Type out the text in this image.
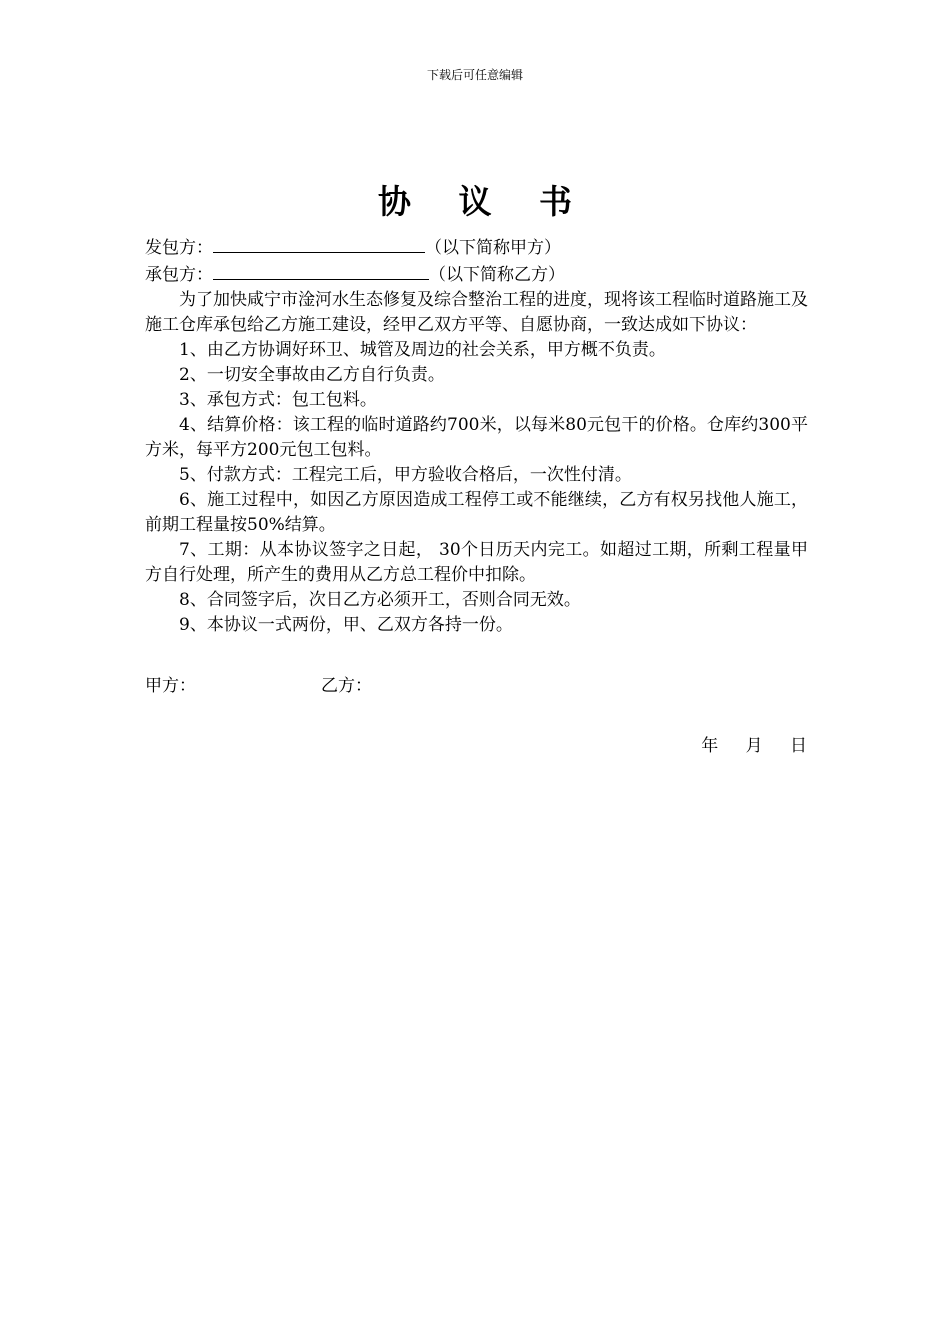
下载后可任意编辑
协 议 书
发包方：	（以下简称甲方）
承包方：	（以下简称乙方）
为了加快咸宁市淦河水生态修复及综合整治工程的进度，现将该工程临时道路施工及施工仓库承包给乙方施工建设，经甲乙双方平等、自愿协商，一致达成如下协议：
1、由乙方协调好环卫、城管及周边的社会关系，甲方概不负责。
2、一切安全事故由乙方自行负责。
3、承包方式：包工包料。
4、结算价格：该工程的临时道路约700米，以每米80元包干的价格。仓库约300平方米，每平方200元包工包料。
5、付款方式：工程完工后，甲方验收合格后，一次性付清。
6、施工过程中，如因乙方原因造成工程停工或不能继续，乙方有权另找他人施工，前期工程量按50%结算。
7、工期：从本协议签字之日起， 30个日历天内完工。如超过工期，所剩工程量甲方自行处理，所产生的费用从乙方总工程价中扣除。
8、合同签字后，次日乙方必须开工，否则合同无效。
9、本协议一式两份，甲、乙双方各持一份。
甲方：	乙方：
年 月 日
